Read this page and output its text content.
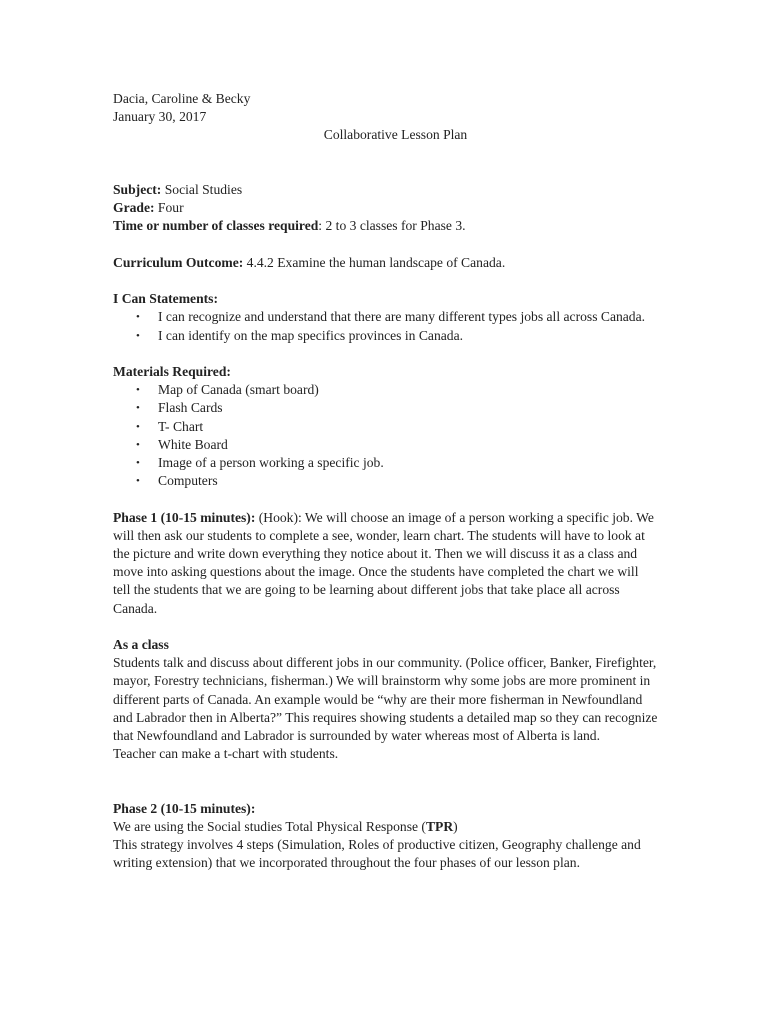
Dacia, Caroline & Becky

January 30, 2017

Collaborative Lesson Plan

Subject: Social Studies

Grade: Four

Time or number of classes required: 2 to 3 classes for Phase 3.

Curriculum Outcome: 4.4.2 Examine the human landscape of Canada.

I Can Statements:

• I can recognize and understand that there are many different types jobs all across Canada.
• I can identify on the map specifics provinces in Canada.

Materials Required:

• Map of Canada (smart board)
• Flash Cards
• T- Chart
• White Board
• Image of a person working a specific job.
• Computers

Phase 1 (10-15 minutes): (Hook): We will choose an image of a person working a specific job. We will then ask our students to complete a see, wonder, learn chart. The students will have to look at the picture and write down everything they notice about it. Then we will discuss it as a class and move into asking questions about the image. Once the students have completed the chart we will tell the students that we are going to be learning about different jobs that take place all across Canada.

As a class

Students talk and discuss about different jobs in our community. (Police officer, Banker, Firefighter, mayor, Forestry technicians, fisherman.) We will brainstorm why some jobs are more prominent in different parts of Canada. An example would be “why are their more fisherman in Newfoundland and Labrador then in Alberta?” This requires showing students a detailed map so they can recognize that Newfoundland and Labrador is surrounded by water whereas most of Alberta is land.

Teacher can make a t-chart with students.

Phase 2 (10-15 minutes):

We are using the Social studies Total Physical Response (TPR)

This strategy involves 4 steps (Simulation, Roles of productive citizen, Geography challenge and writing extension) that we incorporated throughout the four phases of our lesson plan.
